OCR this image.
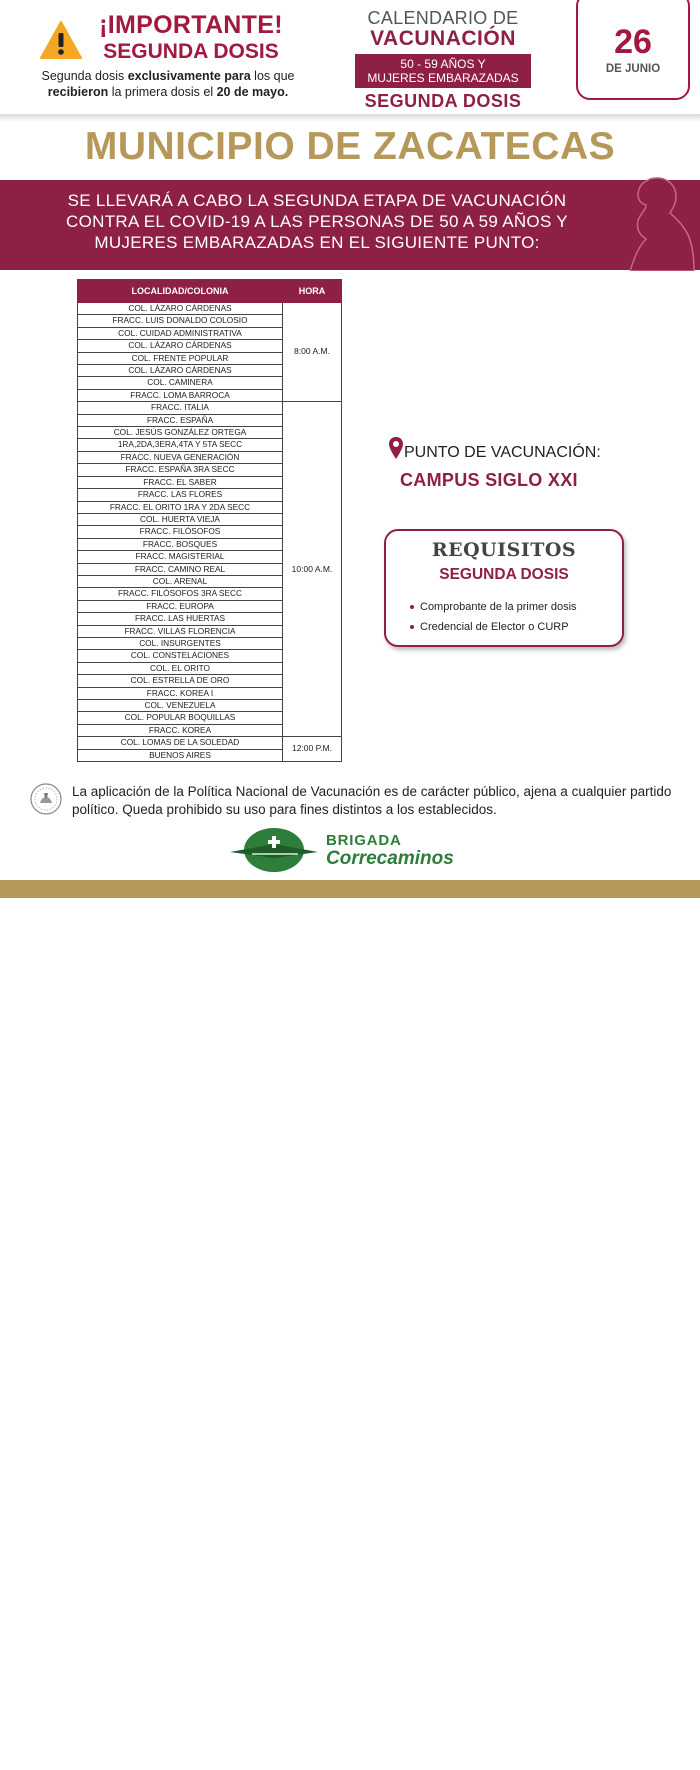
¡IMPORTANTE!
SEGUNDA DOSIS
Segunda dosis exclusivamente para los que
recibieron la primera dosis el 20 de mayo.
CALENDARIO DE
VACUNACIÓN
50 - 59 AÑOS Y
MUJERES EMBARAZADAS
SEGUNDA DOSIS
26
DE JUNIO
MUNICIPIO DE ZACATECAS
SE LLEVARÁ A CABO LA SEGUNDA ETAPA DE VACUNACIÓN
CONTRA EL COVID-19 A LAS PERSONAS DE 50 A 59 AÑOS Y
MUJERES EMBARAZADAS EN EL SIGUIENTE PUNTO:
LOCALIDAD/COLONIA	HORA
COL. LÁZARO CÁRDENAS	8:00 A.M.
FRACC. LUIS DONALDO COLOSIO	
COL. CUIDAD ADMINISTRATIVA	
COL. LÁZARO CÁRDENAS	
COL. FRENTE POPULAR	
COL. LÁZARO CÁRDENAS	
COL. CAMINERA	
FRACC. LOMA BARROCA	
FRACC. ITALIA	10:00 A.M.
FRACC. ESPAÑA	
COL. JESÚS GONZÁLEZ ORTEGA	
1RA,2DA,3ERA,4TA Y 5TA SECC	
FRACC. NUEVA GENERACIÓN	
FRACC. ESPAÑA 3RA SECC	
FRACC. EL SABER	
FRACC. LAS FLORES	
FRACC. EL ORITO 1RA Y 2DA SECC	
COL. HUERTA VIEJA	
FRACC. FILÓSOFOS	
FRACC. BOSQUES	
FRACC. MAGISTERIAL	
FRACC. CAMINO REAL	
COL. ARENAL	
FRACC. FILÓSOFOS 3RA SECC	
FRACC. EUROPA	
FRACC. LAS HUERTAS	
FRACC. VILLAS FLORENCIA	
COL. INSURGENTES	
COL. CONSTELACIONES	
COL. EL ORITO	
COL. ESTRELLA DE ORO	
FRACC. KOREA I	
COL. VENEZUELA	
COL. POPULAR BOQUILLAS	
FRACC. KOREA	
COL. LOMAS DE LA SOLEDAD	12:00 P.M.
BUENOS AIRES	
PUNTO DE VACUNACIÓN:
CAMPUS SIGLO XXI
REQUISITOS
SEGUNDA DOSIS
Comprobante de la primer dosis
Credencial de Elector o CURP
La aplicación de la Política Nacional de Vacunación es de carácter público, ajena a cualquier partido político. Queda prohibido su uso para fines distintos a los establecidos.
BRIGADA
Correcaminos
